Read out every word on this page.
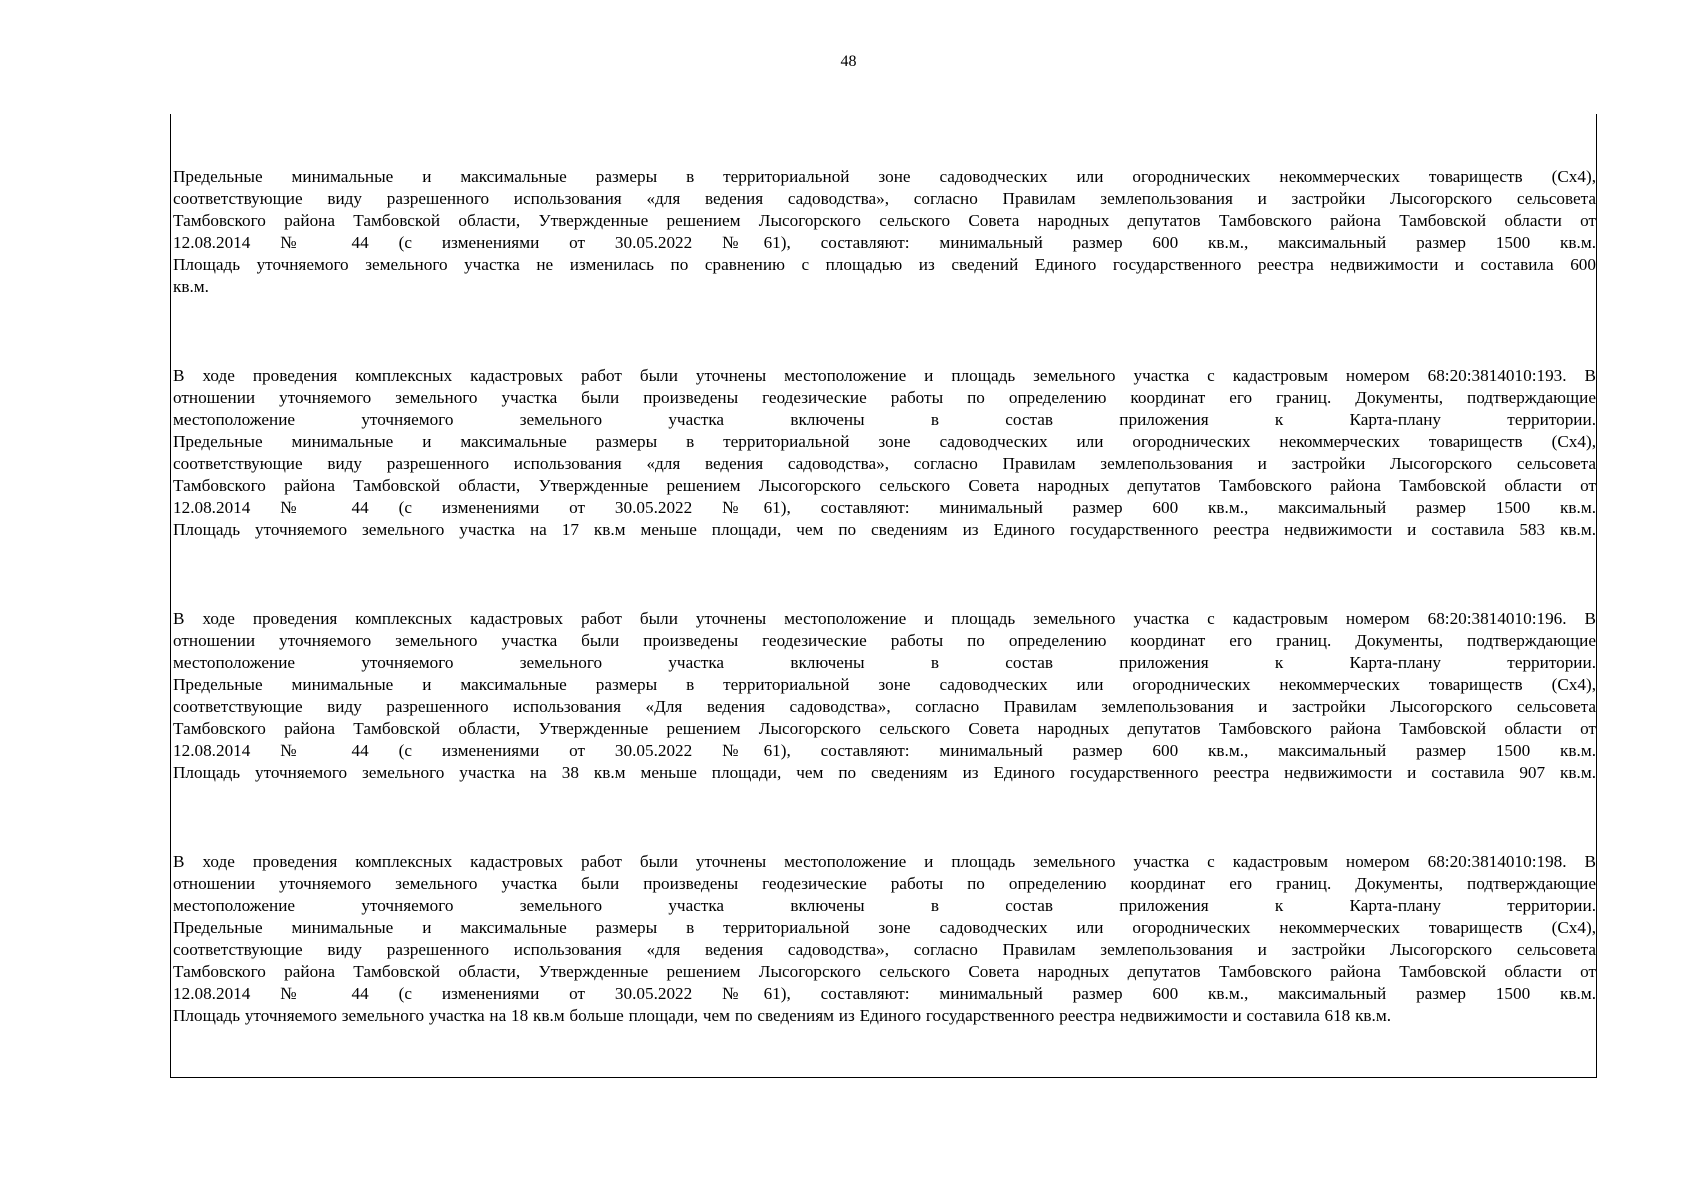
48
Предельные минимальные и максимальные размеры в территориальной зоне садоводческих или огороднических некоммерческих товариществ (Сх4),
соответствующие виду разрешенного использования «для ведения садоводства», согласно Правилам землепользования и застройки Лысогорского сельсовета
Тамбовского района Тамбовской области, Утвержденные решением Лысогорского сельского Совета народных депутатов Тамбовского района Тамбовской области от
12.08.2014 № 44 (с изменениями от 30.05.2022 №61), составляют: минимальный размер 600 кв.м., максимальный размер 1500 кв.м.
Площадь уточняемого земельного участка не изменилась по сравнению с площадью из сведений Единого государственного реестра недвижимости и составила 600
кв.м.
В ходе проведения комплексных кадастровых работ были уточнены местоположение и площадь земельного участка с кадастровым номером 68:20:3814010:193. В
отношении уточняемого земельного участка были произведены геодезические работы по определению координат его границ. Документы, подтверждающие
местоположение уточняемого земельного участка включены в состав приложения к Карта-плану территории.
Предельные минимальные и максимальные размеры в территориальной зоне садоводческих или огороднических некоммерческих товариществ (Сх4),
соответствующие виду разрешенного использования «для ведения садоводства», согласно Правилам землепользования и застройки Лысогорского сельсовета
Тамбовского района Тамбовской области, Утвержденные решением Лысогорского сельского Совета народных депутатов Тамбовского района Тамбовской области от
12.08.2014 № 44 (с изменениями от 30.05.2022 №61), составляют: минимальный размер 600 кв.м., максимальный размер 1500 кв.м.
Площадь уточняемого земельного участка на 17 кв.м меньше площади, чем по сведениям из Единого государственного реестра недвижимости и составила 583 кв.м.
В ходе проведения комплексных кадастровых работ были уточнены местоположение и площадь земельного участка с кадастровым номером 68:20:3814010:196. В
отношении уточняемого земельного участка были произведены геодезические работы по определению координат его границ. Документы, подтверждающие
местоположение уточняемого земельного участка включены в состав приложения к Карта-плану территории.
Предельные минимальные и максимальные размеры в территориальной зоне садоводческих или огороднических некоммерческих товариществ (Сх4),
соответствующие виду разрешенного использования «Для ведения садоводства», согласно Правилам землепользования и застройки Лысогорского сельсовета
Тамбовского района Тамбовской области, Утвержденные решением Лысогорского сельского Совета народных депутатов Тамбовского района Тамбовской области от
12.08.2014 № 44 (с изменениями от 30.05.2022 №61), составляют: минимальный размер 600 кв.м., максимальный размер 1500 кв.м.
Площадь уточняемого земельного участка на 38 кв.м меньше площади, чем по сведениям из Единого государственного реестра недвижимости и составила 907 кв.м.
В ходе проведения комплексных кадастровых работ были уточнены местоположение и площадь земельного участка с кадастровым номером 68:20:3814010:198. В
отношении уточняемого земельного участка были произведены геодезические работы по определению координат его границ. Документы, подтверждающие
местоположение уточняемого земельного участка включены в состав приложения к Карта-плану территории.
Предельные минимальные и максимальные размеры в территориальной зоне садоводческих или огороднических некоммерческих товариществ (Сх4),
соответствующие виду разрешенного использования «для ведения садоводства», согласно Правилам землепользования и застройки Лысогорского сельсовета
Тамбовского района Тамбовской области, Утвержденные решением Лысогорского сельского Совета народных депутатов Тамбовского района Тамбовской области от
12.08.2014 № 44 (с изменениями от 30.05.2022 №61), составляют: минимальный размер 600 кв.м., максимальный размер 1500 кв.м.
Площадь уточняемого земельного участка на 18 кв.м больше площади, чем по сведениям из Единого государственного реестра недвижимости и составила 618 кв.м.
